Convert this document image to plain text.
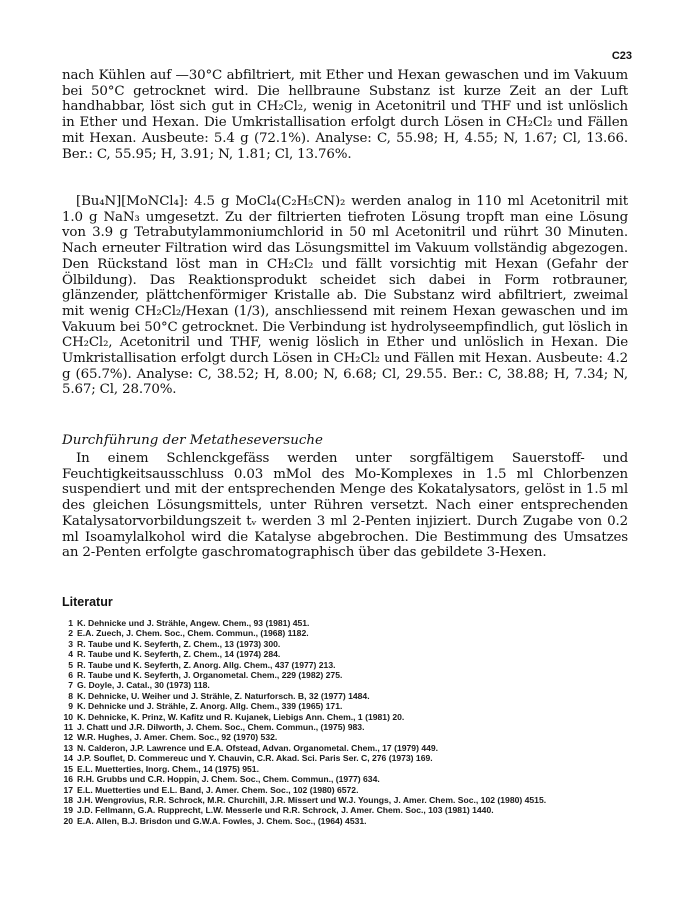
C23

nach Kühlen auf —30°C abfiltriert, mit Ether und Hexan gewaschen und im Vakuum bei 50°C getrocknet wird. Die hellbraune Substanz ist kurze Zeit an der Luft handhabbar, löst sich gut in CH₂Cl₂, wenig in Acetonitril und THF und ist unlöslich in Ether und Hexan. Die Umkristallisation erfolgt durch Lösen in CH₂Cl₂ und Fällen mit Hexan. Ausbeute: 5.4 g (72.1%). Analyse: C, 55.98; H, 4.55; N, 1.67; Cl, 13.66. Ber.: C, 55.95; H, 3.91; N, 1.81; Cl, 13.76%.

[Bu₄N][MoNCl₄]: 4.5 g MoCl₄(C₂H₅CN)₂ werden analog in 110 ml Acetonitril mit 1.0 g NaN₃ umgesetzt. Zu der filtrierten tiefroten Lösung tropft man eine Lösung von 3.9 g Tetrabutylammoniumchlorid in 50 ml Acetonitril und rührt 30 Minuten. Nach erneuter Filtration wird das Lösungsmittel im Vakuum vollständig abgezogen. Den Rückstand löst man in CH₂Cl₂ und fällt vorsichtig mit Hexan (Gefahr der Ölbildung). Das Reaktionsprodukt scheidet sich dabei in Form rotbrauner, glänzender, plättchenförmiger Kristalle ab. Die Substanz wird abfiltriert, zweimal mit wenig CH₂Cl₂/Hexan (1/3), anschliessend mit reinem Hexan gewaschen und im Vakuum bei 50°C getrocknet. Die Verbindung ist hydrolyseempfindlich, gut löslich in CH₂Cl₂, Acetonitril und THF, wenig löslich in Ether und unlöslich in Hexan. Die Umkristallisation erfolgt durch Lösen in CH₂Cl₂ und Fällen mit Hexan. Ausbeute: 4.2 g (65.7%). Analyse: C, 38.52; H, 8.00; N, 6.68; Cl, 29.55. Ber.: C, 38.88; H, 7.34; N, 5.67; Cl, 28.70%.

Durchführung der Metatheseversuche

In einem Schlenckgefäss werden unter sorgfältigem Sauerstoff- und Feuchtigkeitsausschluss 0.03 mMol des Mo-Komplexes in 1.5 ml Chlorbenzen suspendiert und mit der entsprechenden Menge des Kokatalysators, gelöst in 1.5 ml des gleichen Lösungsmittels, unter Rühren versetzt. Nach einer entsprechenden Katalysatorvorbildungszeit tᵥ werden 3 ml 2-Penten injiziert. Durch Zugabe von 0.2 ml Isoamylalkohol wird die Katalyse abgebrochen. Die Bestimmung des Umsatzes an 2-Penten erfolgte gaschromatographisch über das gebildete 3-Hexen.

Literatur
1 K. Dehnicke und J. Strähle, Angew. Chem., 93 (1981) 451.
2 E.A. Zuech, J. Chem. Soc., Chem. Commun., (1968) 1182.
3 R. Taube und K. Seyferth, Z. Chem., 13 (1973) 300.
4 R. Taube und K. Seyferth, Z. Chem., 14 (1974) 284.
5 R. Taube und K. Seyferth, Z. Anorg. Allg. Chem., 437 (1977) 213.
6 R. Taube und K. Seyferth, J. Organometal. Chem., 229 (1982) 275.
7 G. Doyle, J. Catal., 30 (1973) 118.
8 K. Dehnicke, U. Weiher und J. Strähle, Z. Naturforsch. B, 32 (1977) 1484.
9 K. Dehnicke und J. Strähle, Z. Anorg. Allg. Chem., 339 (1965) 171.
10 K. Dehnicke, K. Prinz, W. Kafitz und R. Kujanek, Liebigs Ann. Chem., 1 (1981) 20.
11 J. Chatt und J.R. Dilworth, J. Chem. Soc., Chem. Commun., (1975) 983.
12 W.R. Hughes, J. Amer. Chem. Soc., 92 (1970) 532.
13 N. Calderon, J.P. Lawrence und E.A. Ofstead, Advan. Organometal. Chem., 17 (1979) 449.
14 J.P. Souflet, D. Commereuc und Y. Chauvin, C.R. Akad. Sci. Paris Ser. C, 276 (1973) 169.
15 E.L. Muetterties, Inorg. Chem., 14 (1975) 951.
16 R.H. Grubbs und C.R. Hoppin, J. Chem. Soc., Chem. Commun., (1977) 634.
17 E.L. Muetterties und E.L. Band, J. Amer. Chem. Soc., 102 (1980) 6572.
18 J.H. Wengrovius, R.R. Schrock, M.R. Churchill, J.R. Missert und W.J. Youngs, J. Amer. Chem. Soc., 102 (1980) 4515.
19 J.D. Fellmann, G.A. Rupprecht, L.W. Messerle und R.R. Schrock, J. Amer. Chem. Soc., 103 (1981) 1440.
20 E.A. Allen, B.J. Brisdon und G.W.A. Fowles, J. Chem. Soc., (1964) 4531.
